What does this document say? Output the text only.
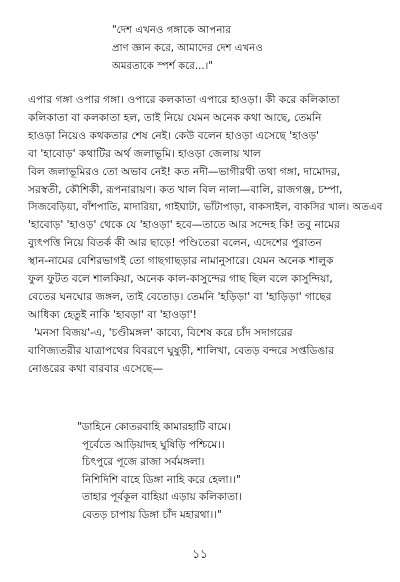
"দেশ এখনও গঙ্গাকে আপনার
প্রাণ জ্ঞান করে, আমাদের দেশ এখনও
অমরতাকে স্পর্শ করে...।"
এপার গঙ্গা ওপার গঙ্গা। ওপারে কলকাতা এপারে হাওড়া। কী করে কলিকাতা
কলিকাতা বা কলকাতা হল, তাই নিয়ে যেমন অনেক কথা আছে, তেমনি
হাওড়া নিয়েও কথকতার শেষ নেই। কেউ বলেন হাওড়া এসেছে 'হাওড়'
বা 'হাবোড়' কথাটির অর্থ জলাভূমি। হাওড়া জেলায় খাল
বিল জলাভূমিরও তো অভাব নেই! কত নদী—ভাগীরথী তথা গঙ্গা, দামোদর,
সরস্বতী, কৌশিকী, রূপনারায়ণ। কত খাল বিল নালা—বালি, রাজগঞ্জ, চম্পা,
সিজবেড়িয়া, বাঁশপাতি, মাদারিয়া, গাইঘাটা, ভাঁটাপাড়া, বাকসাইল, বাকসির খাল। অতএব
'হাবোড়' 'হাওড়' থেকে যে 'হাওড়া' হবে—তাতে আর সন্দেহ কি! তবু নামের
ব্যুৎপত্তি নিয়ে বিতর্ক কী আর ছাড়ে! পণ্ডিতেরা বলেন, এদেশের পুরাতন
স্থান-নামের বেশিরভাগই তো গাছগাছড়ার নামানুসারে। যেমন অনেক শালুক
ফুল ফুটত বলে শালকিয়া, অনেক কাল-কাসুন্দের গাছ ছিল বলে কাসুন্দিয়া,
বেতের ঘনঘোর জঙ্গল, তাই বেতোড়। তেমনি 'হড়িড়া' বা 'হাড়িড়া' গাছের
আধিক্য হেতুই নাকি 'হাবড়া' বা 'হাওড়া'!
'মনসা বিজয়'-এ, 'চণ্ডীমঙ্গল' কাব্যে, বিশেষ করে চাঁদ সদাগরের
বাণিজ্যতরীর যাত্রাপথের বিবরণে ঘুষুড়ী, শালিখা, বেতড় বন্দরে সপ্তডিঙার
নোঙরের কথা বারবার এসেছে—
"ডাহিনে কোতরবাহি কামারহাটি বামে।
পূর্বেতে আড়িয়াদহ ঘুষিড়ি পশ্চিমে।।
চিৎপুরে পূজে রাজা সর্বমঙ্গলা।
নিশিদিশি বাহে ডিঙ্গা নাহি করে হেলা।।"
তাহার পূর্বকূল বাহিয়া এড়ায় কলিকাতা।
বেতড় চাপায় ডিঙ্গা চাঁদ মহারথা।।"
১১
